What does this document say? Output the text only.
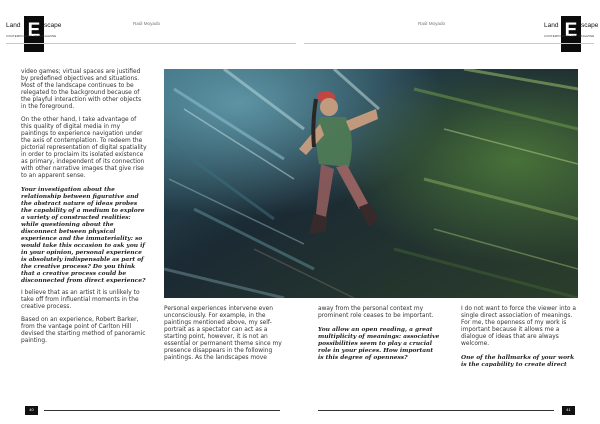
Land E scape
CONTEMPORARY ART MAGAZINE
Raúl Moyado	Raúl Moyado	Land E scape
CONTEMPORARY ART MAGAZINE

video games; virtual spaces are justified by predefined objectives and situations. Most of the landscape continues to be relegated to the background because of the playful interaction with other objects in the foreground.

On the other hand, I take advantage of this quality of digital media in my paintings to experience navigation under the axis of contemplation. To redeem the pictorial representation of digital spatiality in order to proclaim its isolated existence as primary, independent of its connection with other narrative images that give rise to an apparent sense.

Your investigation about the relationship between figurative and the abstract nature of ideas probes the capability of a medium to explore a variety of constructed realities: while questioning about the disconnect between physical experience and the immateriality: so would take this occasion to ask you if in your opinion, personal experience is absolutely indispensable as part of the creative process? Do you think that a creative process could be disconnected from direct experience?

I believe that as an artist it is unlikely to take off from influential moments in the creative process.

Based on an experience, Robert Barker, from the vantage point of Carlton Hill devised the starting method of panoramic painting.

Personal experiences intervene even unconsciously. For example, in the paintings mentioned above, my self-portrait as a spectator can act as a starting point, however, it is not an essential or permanent theme since my presence disappears in the following paintings. As the landscapes move

away from the personal context my prominent role ceases to be important.

You allow an open reading, a great multiplicity of meanings: associative possibilities seem to play a crucial role in your pieces. How important is this degree of openness?

I do not want to force the viewer into a single direct association of meanings. For me, the openness of my work is important because it allows me a dialogue of ideas that are always welcome.

One of the hallmarks of your work is the capability to create direct

40	41
